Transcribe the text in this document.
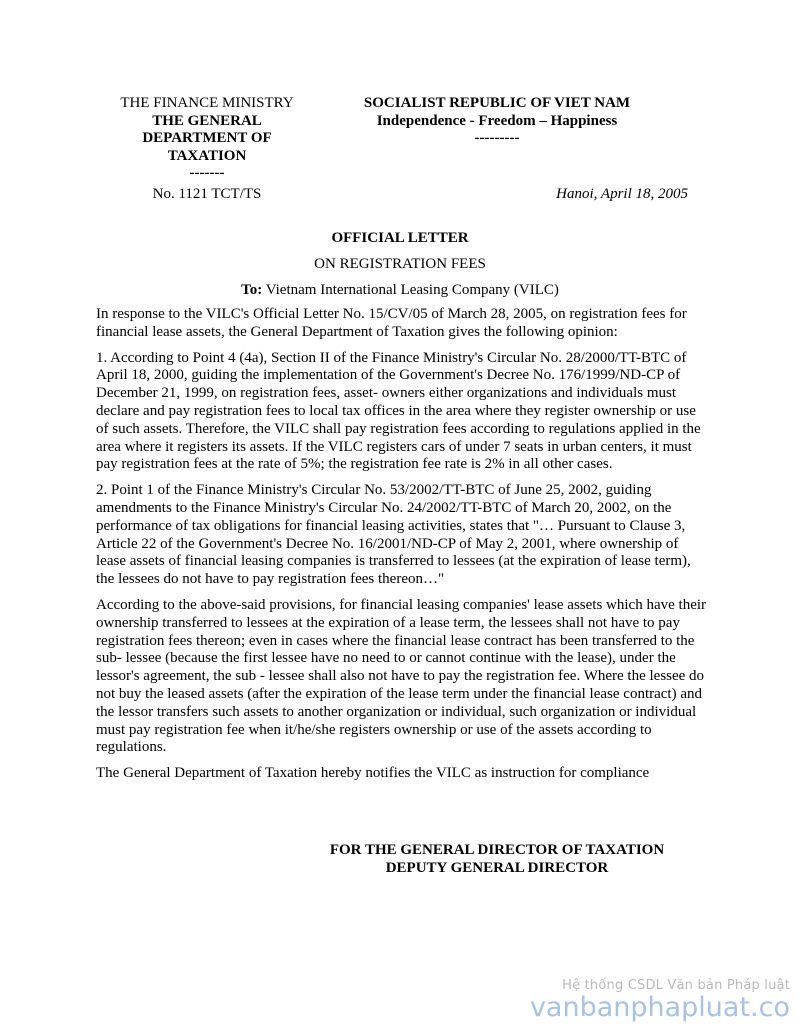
THE FINANCE MINISTRY
THE GENERAL DEPARTMENT OF TAXATION
-------
SOCIALIST REPUBLIC OF VIET NAM
Independence - Freedom – Happiness
---------
No. 1121 TCT/TS	Hanoi, April 18, 2005
OFFICIAL LETTER
ON REGISTRATION FEES
To: Vietnam International Leasing Company (VILC)

In response to the VILC's Official Letter No. 15/CV/05 of March 28, 2005, on registration fees for financial lease assets, the General Department of Taxation gives the following opinion:

1. According to Point 4 (4a), Section II of the Finance Ministry's Circular No. 28/2000/TT-BTC of April 18, 2000, guiding the implementation of the Government's Decree No. 176/1999/ND-CP of December 21, 1999, on registration fees, asset- owners either organizations and individuals must declare and pay registration fees to local tax offices in the area where they register ownership or use of such assets. Therefore, the VILC shall pay registration fees according to regulations applied in the area where it registers its assets. If the VILC registers cars of under 7 seats in urban centers, it must pay registration fees at the rate of 5%; the registration fee rate is 2% in all other cases.

2. Point 1 of the Finance Ministry's Circular No. 53/2002/TT-BTC of June 25, 2002, guiding amendments to the Finance Ministry's Circular No. 24/2002/TT-BTC of March 20, 2002, on the performance of tax obligations for financial leasing activities, states that "… Pursuant to Clause 3, Article 22 of the Government's Decree No. 16/2001/ND-CP of May 2, 2001, where ownership of lease assets of financial leasing companies is transferred to lessees (at the expiration of lease term), the lessees do not have to pay registration fees thereon…"

According to the above-said provisions, for financial leasing companies' lease assets which have their ownership transferred to lessees at the expiration of a lease term, the lessees shall not have to pay registration fees thereon; even in cases where the financial lease contract has been transferred to the sub- lessee (because the first lessee have no need to or cannot continue with the lease), under the lessor's agreement, the sub - lessee shall also not have to pay the registration fee. Where the lessee do not buy the leased assets (after the expiration of the lease term under the financial lease contract) and the lessor transfers such assets to another organization or individual, such organization or individual must pay registration fee when it/he/she registers ownership or use of the assets according to regulations.

The General Department of Taxation hereby notifies the VILC as instruction for compliance

FOR THE GENERAL DIRECTOR OF TAXATION
DEPUTY GENERAL DIRECTOR
Hệ thống CSDL Văn bản Pháp luật
vanbanphapluat.co
